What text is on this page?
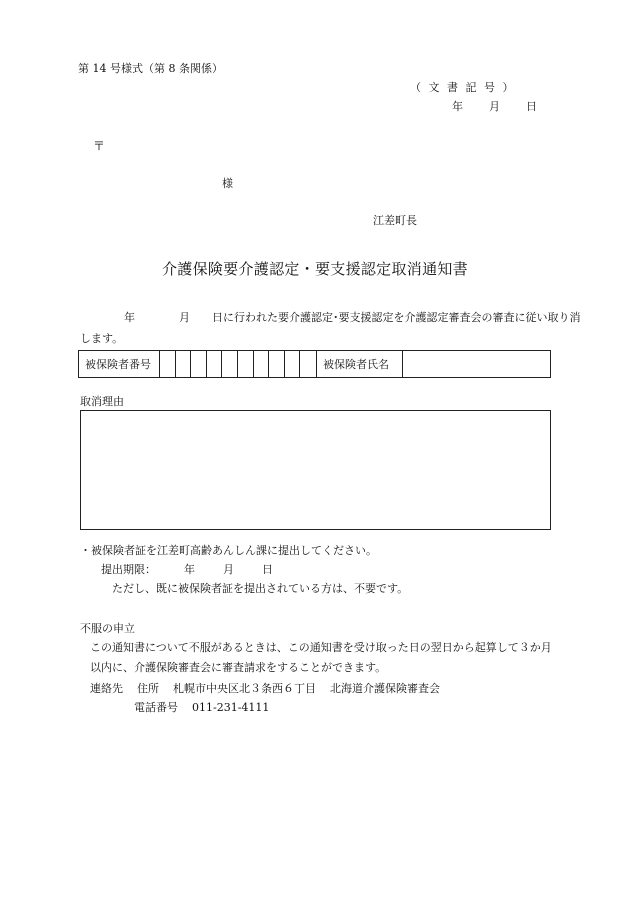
第 14 号様式（第 8 条関係）
（ 文 書 記 号 ）
年 月 日
〒
様
江差町長
介護保険要介護認定・要支援認定取消通知書
年	月 日に行われた要介護認定･要支援認定を介護認定審査会の審査に従い取り消
します。
被保険者番号	被保険者氏名
取消理由
・被保険者証を江差町高齢あんしん課に提出してください。
提出期限：	年	月	日
ただし、既に被保険者証を提出されている方は、不要です。
不服の申立
この通知書について不服があるときは、この通知書を受け取った日の翌日から起算して３か月
以内に、介護保険審査会に審査請求をすることができます。
連絡先 住所 札幌市中央区北３条西６丁目 北海道介護保険審査会
電話番号 011-231-4111
